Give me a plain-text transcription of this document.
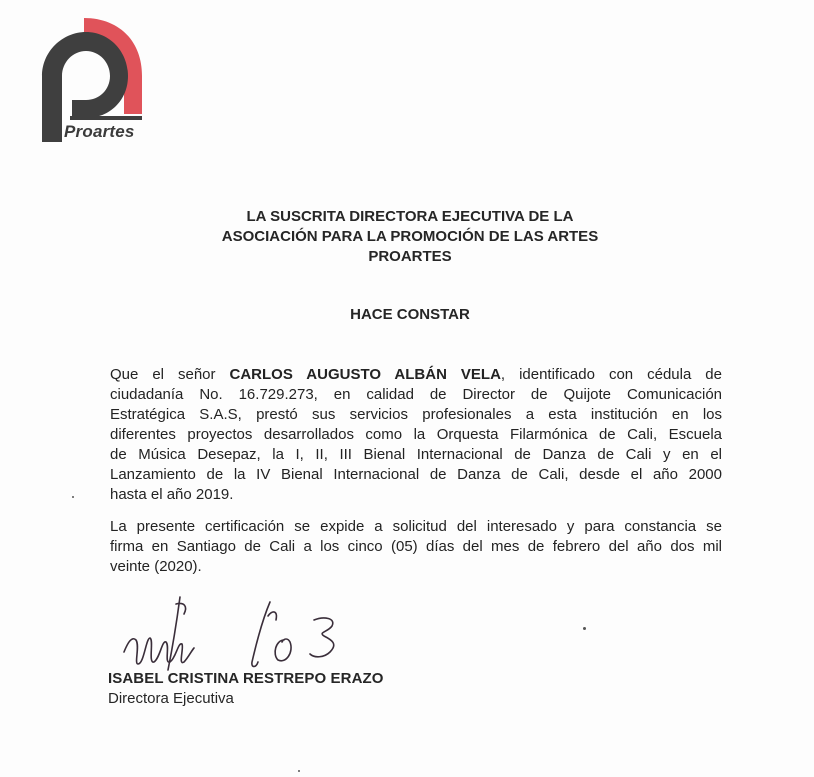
Proartes
LA SUSCRITA DIRECTORA EJECUTIVA DE LA
ASOCIACIÓN PARA LA PROMOCIÓN DE LAS ARTES
PROARTES
HACE CONSTAR
Que el señor CARLOS AUGUSTO ALBÁN VELA, identificado con cédula de
ciudadanía No. 16.729.273, en calidad de Director de Quijote Comunicación
Estratégica S.A.S, prestó sus servicios profesionales a esta institución en los
diferentes proyectos desarrollados como la Orquesta Filarmónica de Cali, Escuela
de Música Desepaz, la I, II, III Bienal Internacional de Danza de Cali y en el
Lanzamiento de la IV Bienal Internacional de Danza de Cali, desde el año 2000
hasta el año 2019.
La presente certificación se expide a solicitud del interesado y para constancia se
firma en Santiago de Cali a los cinco (05) días del mes de febrero del año dos mil
veinte (2020).
ISABEL CRISTINA RESTREPO ERAZO
Directora Ejecutiva
